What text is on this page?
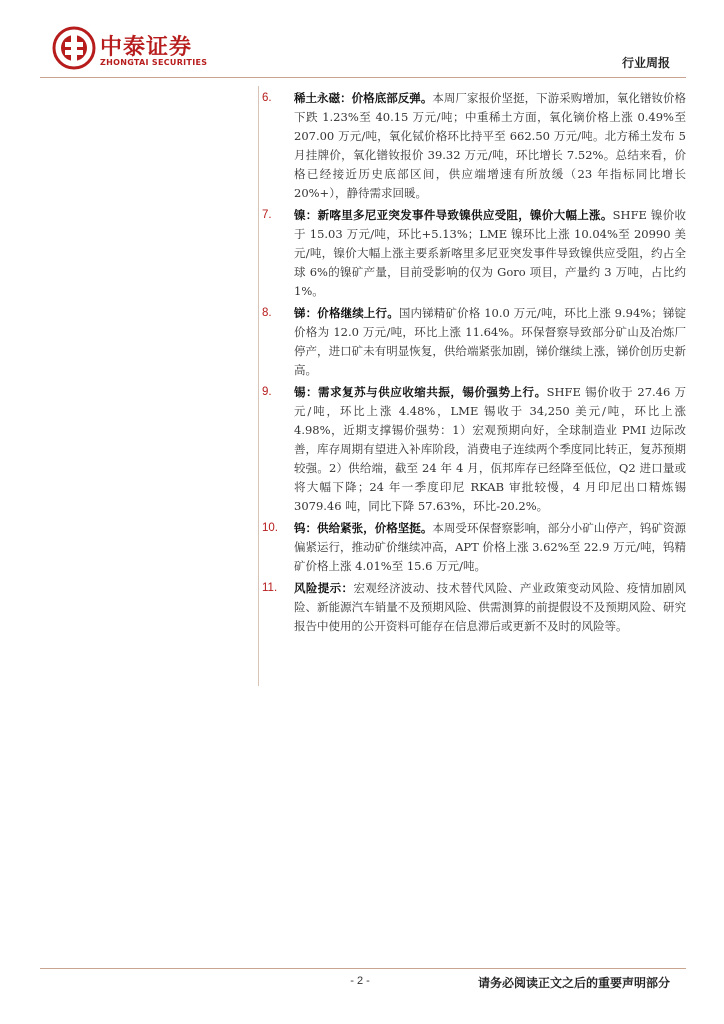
中泰证券
ZHONGTAI SECURITIES	行业周报
6.	稀土永磁：价格底部反弹。本周厂家报价坚挺，下游采购增加，氧化镨钕价格下跌 1.23%至 40.15 万元/吨；中重稀土方面，氧化镝价格上涨 0.49%至 207.00 万元/吨，氧化铽价格环比持平至 662.50 万元/吨。北方稀土发布 5 月挂牌价，氧化镨钕报价 39.32 万元/吨，环比增长 7.52%。总结来看，价格已经接近历史底部区间，供应端增速有所放缓（23 年指标同比增长 20%+），静待需求回暖。
7.	镍：新喀里多尼亚突发事件导致镍供应受阻，镍价大幅上涨。SHFE 镍价收于 15.03 万元/吨，环比+5.13%；LME 镍环比上涨 10.04%至 20990 美元/吨，镍价大幅上涨主要系新喀里多尼亚突发事件导致镍供应受阻，约占全球 6%的镍矿产量，目前受影响的仅为 Goro 项目，产量约 3 万吨，占比约 1%。
8.	锑：价格继续上行。国内锑精矿价格 10.0 万元/吨，环比上涨 9.94%；锑锭价格为 12.0 万元/吨，环比上涨 11.64%。环保督察导致部分矿山及冶炼厂停产，进口矿未有明显恢复，供给端紧张加剧，锑价继续上涨，锑价创历史新高。
9.	锡：需求复苏与供应收缩共振，锡价强势上行。SHFE 锡价收于 27.46 万元/吨，环比上涨 4.48%，LME 锡收于 34,250 美元/吨，环比上涨 4.98%，近期支撑锡价强势：1）宏观预期向好，全球制造业 PMI 边际改善，库存周期有望进入补库阶段，消费电子连续两个季度同比转正，复苏预期较强。2）供给端，截至 24 年 4 月，佤邦库存已经降至低位，Q2 进口量或将大幅下降；24 年一季度印尼 RKAB 审批较慢，4 月印尼出口精炼锡 3079.46 吨，同比下降 57.63%，环比-20.2%。
10.	钨：供给紧张，价格坚挺。本周受环保督察影响，部分小矿山停产，钨矿资源偏紧运行，推动矿价继续冲高，APT 价格上涨 3.62%至 22.9 万元/吨，钨精矿价格上涨 4.01%至 15.6 万元/吨。
11.	风险提示：宏观经济波动、技术替代风险、产业政策变动风险、疫情加剧风险、新能源汽车销量不及预期风险、供需测算的前提假设不及预期风险、研究报告中使用的公开资料可能存在信息滞后或更新不及时的风险等。
- 2 -	请务必阅读正文之后的重要声明部分
